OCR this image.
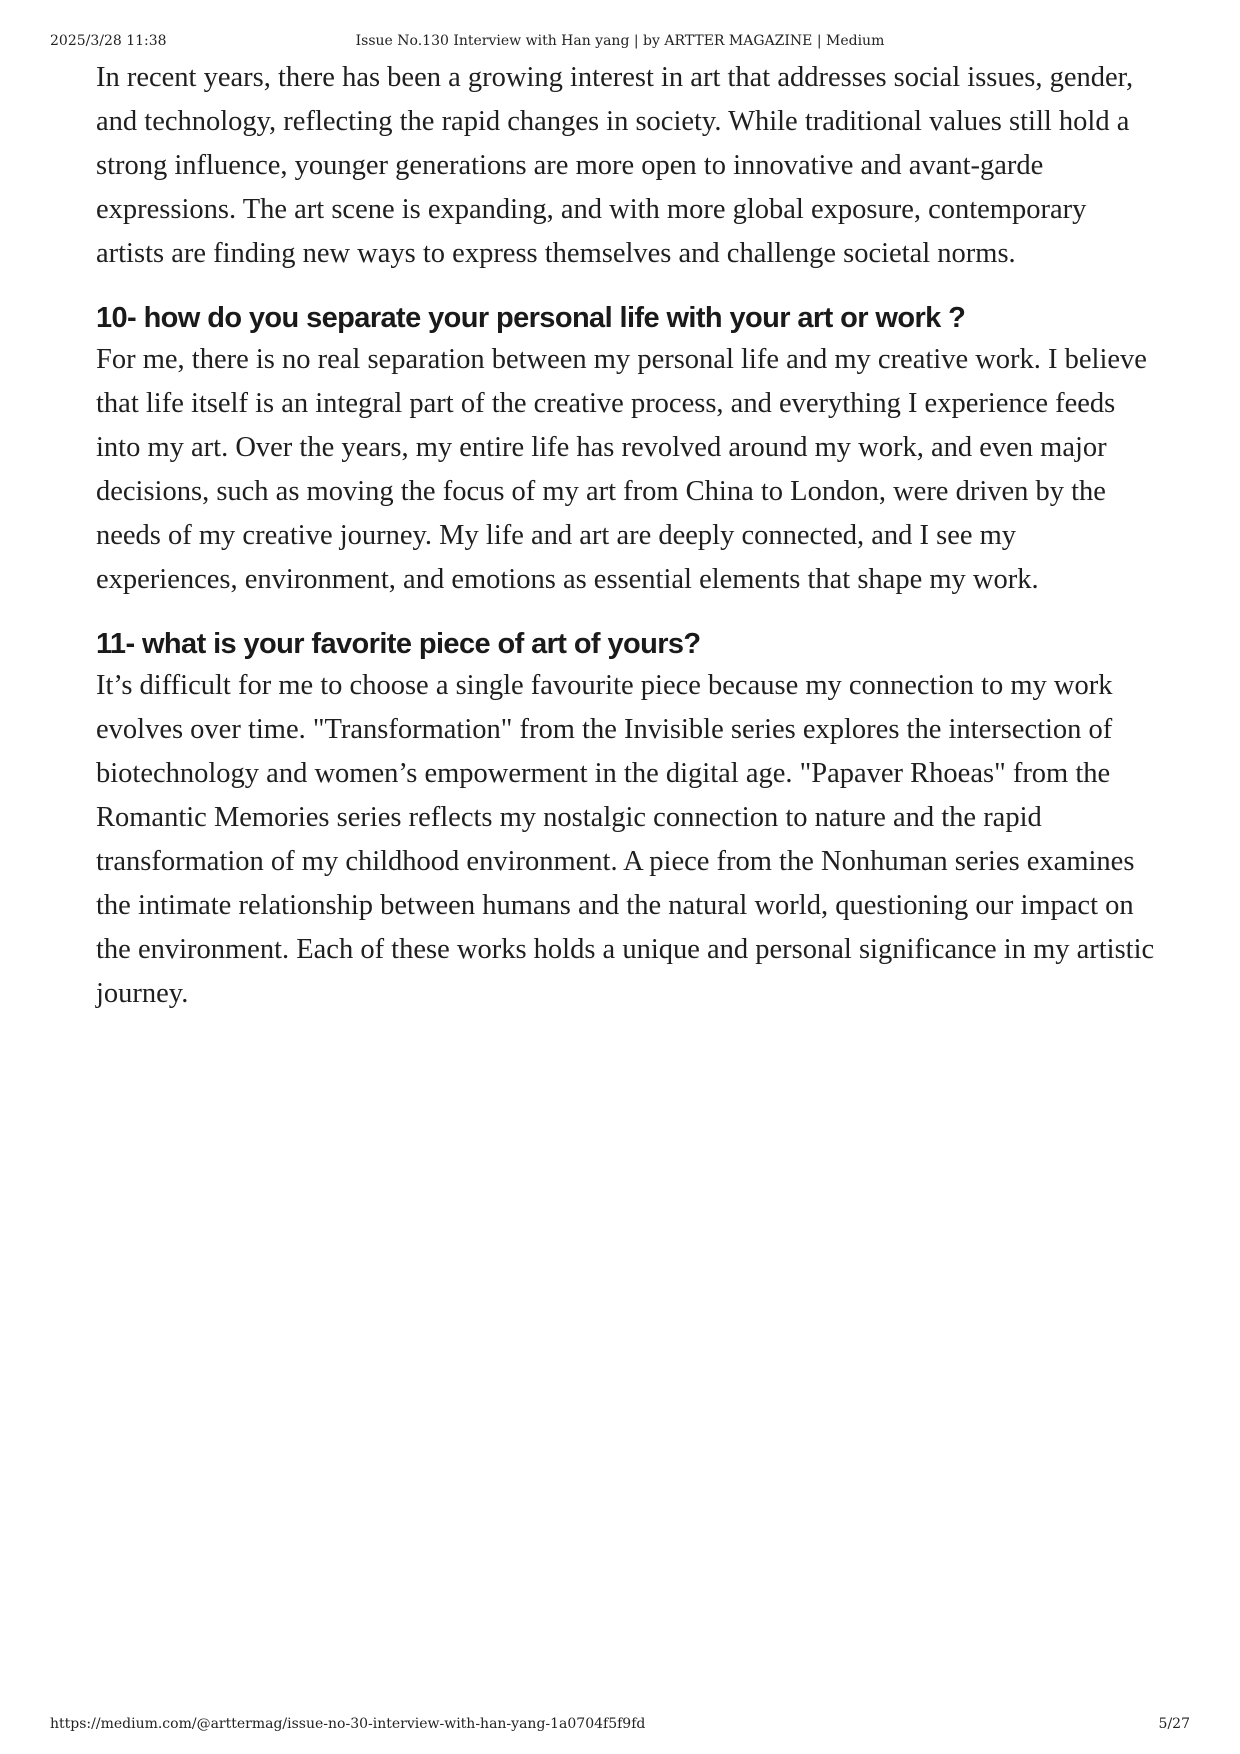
2025/3/28 11:38	Issue No.130 Interview with Han yang | by ARTTER MAGAZINE | Medium

In recent years, there has been a growing interest in art that addresses social issues, gender, and technology, reflecting the rapid changes in society. While traditional values still hold a strong influence, younger generations are more open to innovative and avant-garde expressions. The art scene is expanding, and with more global exposure, contemporary artists are finding new ways to express themselves and challenge societal norms.

10- how do you separate your personal life with your art or work ?

For me, there is no real separation between my personal life and my creative work. I believe that life itself is an integral part of the creative process, and everything I experience feeds into my art. Over the years, my entire life has revolved around my work, and even major decisions, such as moving the focus of my art from China to London, were driven by the needs of my creative journey. My life and art are deeply connected, and I see my experiences, environment, and emotions as essential elements that shape my work.

11- what is your favorite piece of art of yours?

It’s difficult for me to choose a single favourite piece because my connection to my work evolves over time. "Transformation" from the Invisible series explores the intersection of biotechnology and women’s empowerment in the digital age. "Papaver Rhoeas" from the Romantic Memories series reflects my nostalgic connection to nature and the rapid transformation of my childhood environment. A piece from the Nonhuman series examines the intimate relationship between humans and the natural world, questioning our impact on the environment. Each of these works holds a unique and personal significance in my artistic journey.

https://medium.com/@arttermag/issue-no-30-interview-with-han-yang-1a0704f5f9fd	5/27
